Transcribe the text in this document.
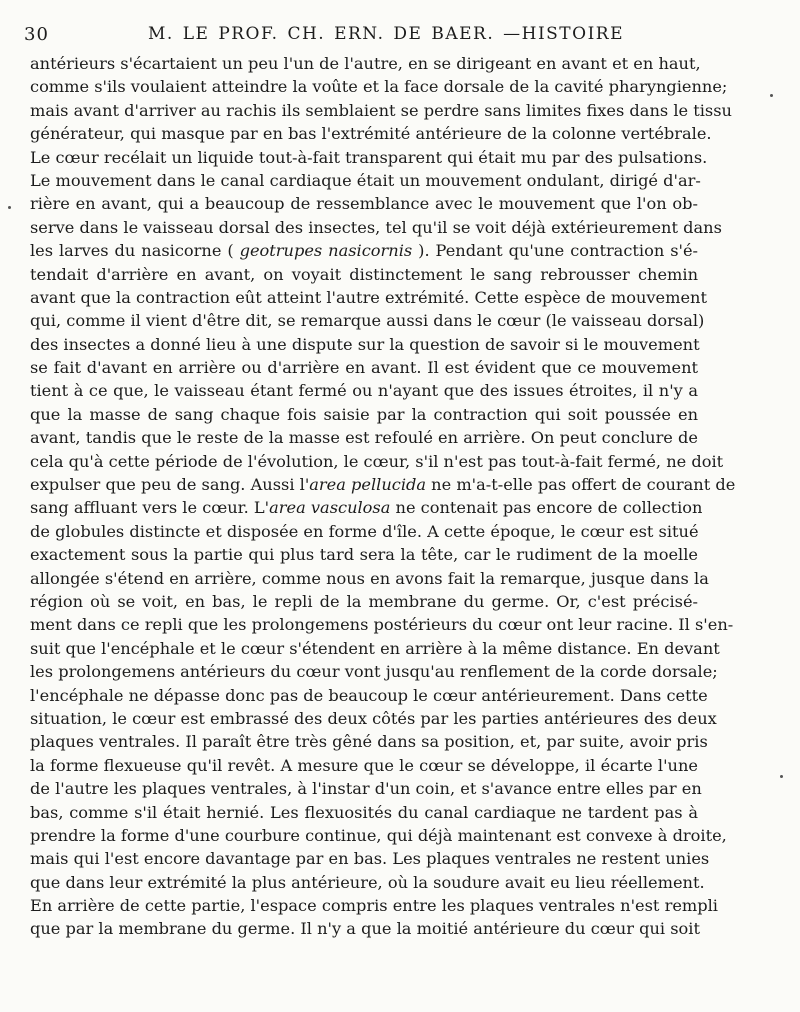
30	M. LE PROF. CH. ERN. DE BAER. —HISTOIRE
antérieurs s'écartaient un peu l'un de l'autre, en se dirigeant en avant et en haut,
comme s'ils voulaient atteindre la voûte et la face dorsale de la cavité pharyngienne;
mais avant d'arriver au rachis ils semblaient se perdre sans limites fixes dans le tissu
générateur, qui masque par en bas l'extrémité antérieure de la colonne vertébrale.
Le cœur recélait un liquide tout-à-fait transparent qui était mu par des pulsations.
Le mouvement dans le canal cardiaque était un mouvement ondulant, dirigé d'ar-
rière en avant, qui a beaucoup de ressemblance avec le mouvement que l'on ob-
serve dans le vaisseau dorsal des insectes, tel qu'il se voit déjà extérieurement dans
les larves du nasicorne ( geotrupes nasicornis ). Pendant qu'une contraction s'é-
tendait d'arrière en avant, on voyait distinctement le sang rebrousser chemin
avant que la contraction eût atteint l'autre extrémité. Cette espèce de mouvement
qui, comme il vient d'être dit, se remarque aussi dans le cœur (le vaisseau dorsal)
des insectes a donné lieu à une dispute sur la question de savoir si le mouvement
se fait d'avant en arrière ou d'arrière en avant. Il est évident que ce mouvement
tient à ce que, le vaisseau étant fermé ou n'ayant que des issues étroites, il n'y a
que la masse de sang chaque fois saisie par la contraction qui soit poussée en
avant, tandis que le reste de la masse est refoulé en arrière. On peut conclure de
cela qu'à cette période de l'évolution, le cœur, s'il n'est pas tout-à-fait fermé, ne doit
expulser que peu de sang. Aussi l'area pellucida ne m'a-t-elle pas offert de courant de
sang affluant vers le cœur. L'area vasculosa ne contenait pas encore de collection
de globules distincte et disposée en forme d'île. A cette époque, le cœur est situé
exactement sous la partie qui plus tard sera la tête, car le rudiment de la moelle
allongée s'étend en arrière, comme nous en avons fait la remarque, jusque dans la
région où se voit, en bas, le repli de la membrane du germe. Or, c'est précisé-
ment dans ce repli que les prolongemens postérieurs du cœur ont leur racine. Il s'en-
suit que l'encéphale et le cœur s'étendent en arrière à la même distance. En devant
les prolongemens antérieurs du cœur vont jusqu'au renflement de la corde dorsale;
l'encéphale ne dépasse donc pas de beaucoup le cœur antérieurement. Dans cette
situation, le cœur est embrassé des deux côtés par les parties antérieures des deux
plaques ventrales. Il paraît être très gêné dans sa position, et, par suite, avoir pris
la forme flexueuse qu'il revêt. A mesure que le cœur se développe, il écarte l'une
de l'autre les plaques ventrales, à l'instar d'un coin, et s'avance entre elles par en
bas, comme s'il était hernié. Les flexuosités du canal cardiaque ne tardent pas à
prendre la forme d'une courbure continue, qui déjà maintenant est convexe à droite,
mais qui l'est encore davantage par en bas. Les plaques ventrales ne restent unies
que dans leur extrémité la plus antérieure, où la soudure avait eu lieu réellement.
En arrière de cette partie, l'espace compris entre les plaques ventrales n'est rempli
que par la membrane du germe. Il n'y a que la moitié antérieure du cœur qui soit
